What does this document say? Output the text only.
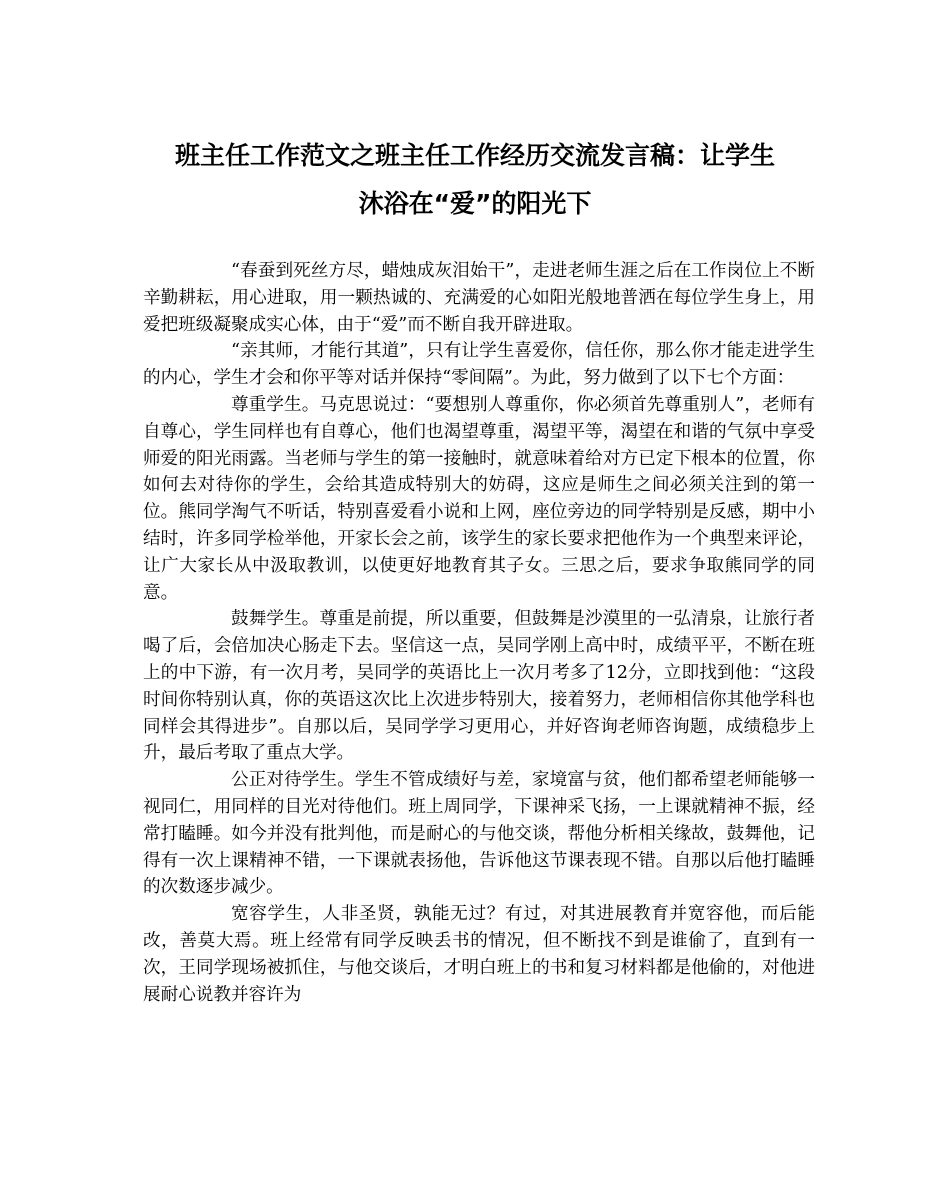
班主任工作范文之班主任工作经历交流发言稿：让学生
沐浴在“爱”的阳光下

“春蚕到死丝方尽，蜡烛成灰泪始干”，走进老师生涯之后在工作岗位上不断辛勤耕耘，用心进取，用一颗热诚的、充满爱的心如阳光般地普洒在每位学生身上，用爱把班级凝聚成实心体，由于“爱”而不断自我开辟进取。

“亲其师，才能行其道”，只有让学生喜爱你，信任你，那么你才能走进学生的内心，学生才会和你平等对话并保持“零间隔”。为此，努力做到了以下七个方面：

尊重学生。马克思说过：“要想别人尊重你，你必须首先尊重别人”，老师有自尊心，学生同样也有自尊心，他们也渴望尊重，渴望平等，渴望在和谐的气氛中享受师爱的阳光雨露。当老师与学生的第一接触时，就意味着给对方已定下根本的位置，你如何去对待你的学生，会给其造成特别大的妨碍，这应是师生之间必须关注到的第一位。熊同学淘气不听话，特别喜爱看小说和上网，座位旁边的同学特别是反感，期中小结时，许多同学检举他，开家长会之前，该学生的家长要求把他作为一个典型来评论，让广大家长从中汲取教训，以使更好地教育其子女。三思之后，要求争取熊同学的同意。

鼓舞学生。尊重是前提，所以重要，但鼓舞是沙漠里的一弘清泉，让旅行者喝了后，会倍加决心肠走下去。坚信这一点，吴同学刚上高中时，成绩平平，不断在班上的中下游，有一次月考，吴同学的英语比上一次月考多了12分，立即找到他：“这段时间你特别认真，你的英语这次比上次进步特别大，接着努力，老师相信你其他学科也同样会其得进步”。自那以后，吴同学学习更用心，并好咨询老师咨询题，成绩稳步上升，最后考取了重点大学。

公正对待学生。学生不管成绩好与差，家境富与贫，他们都希望老师能够一视同仁，用同样的目光对待他们。班上周同学，下课神采飞扬，一上课就精神不振，经常打瞌睡。如今并没有批判他，而是耐心的与他交谈，帮他分析相关缘故，鼓舞他，记得有一次上课精神不错，一下课就表扬他，告诉他这节课表现不错。自那以后他打瞌睡的次数逐步减少。

宽容学生，人非圣贤，孰能无过？有过，对其进展教育并宽容他，而后能改，善莫大焉。班上经常有同学反映丢书的情况，但不断找不到是谁偷了，直到有一次，王同学现场被抓住，与他交谈后，才明白班上的书和复习材料都是他偷的，对他进展耐心说教并容许为
